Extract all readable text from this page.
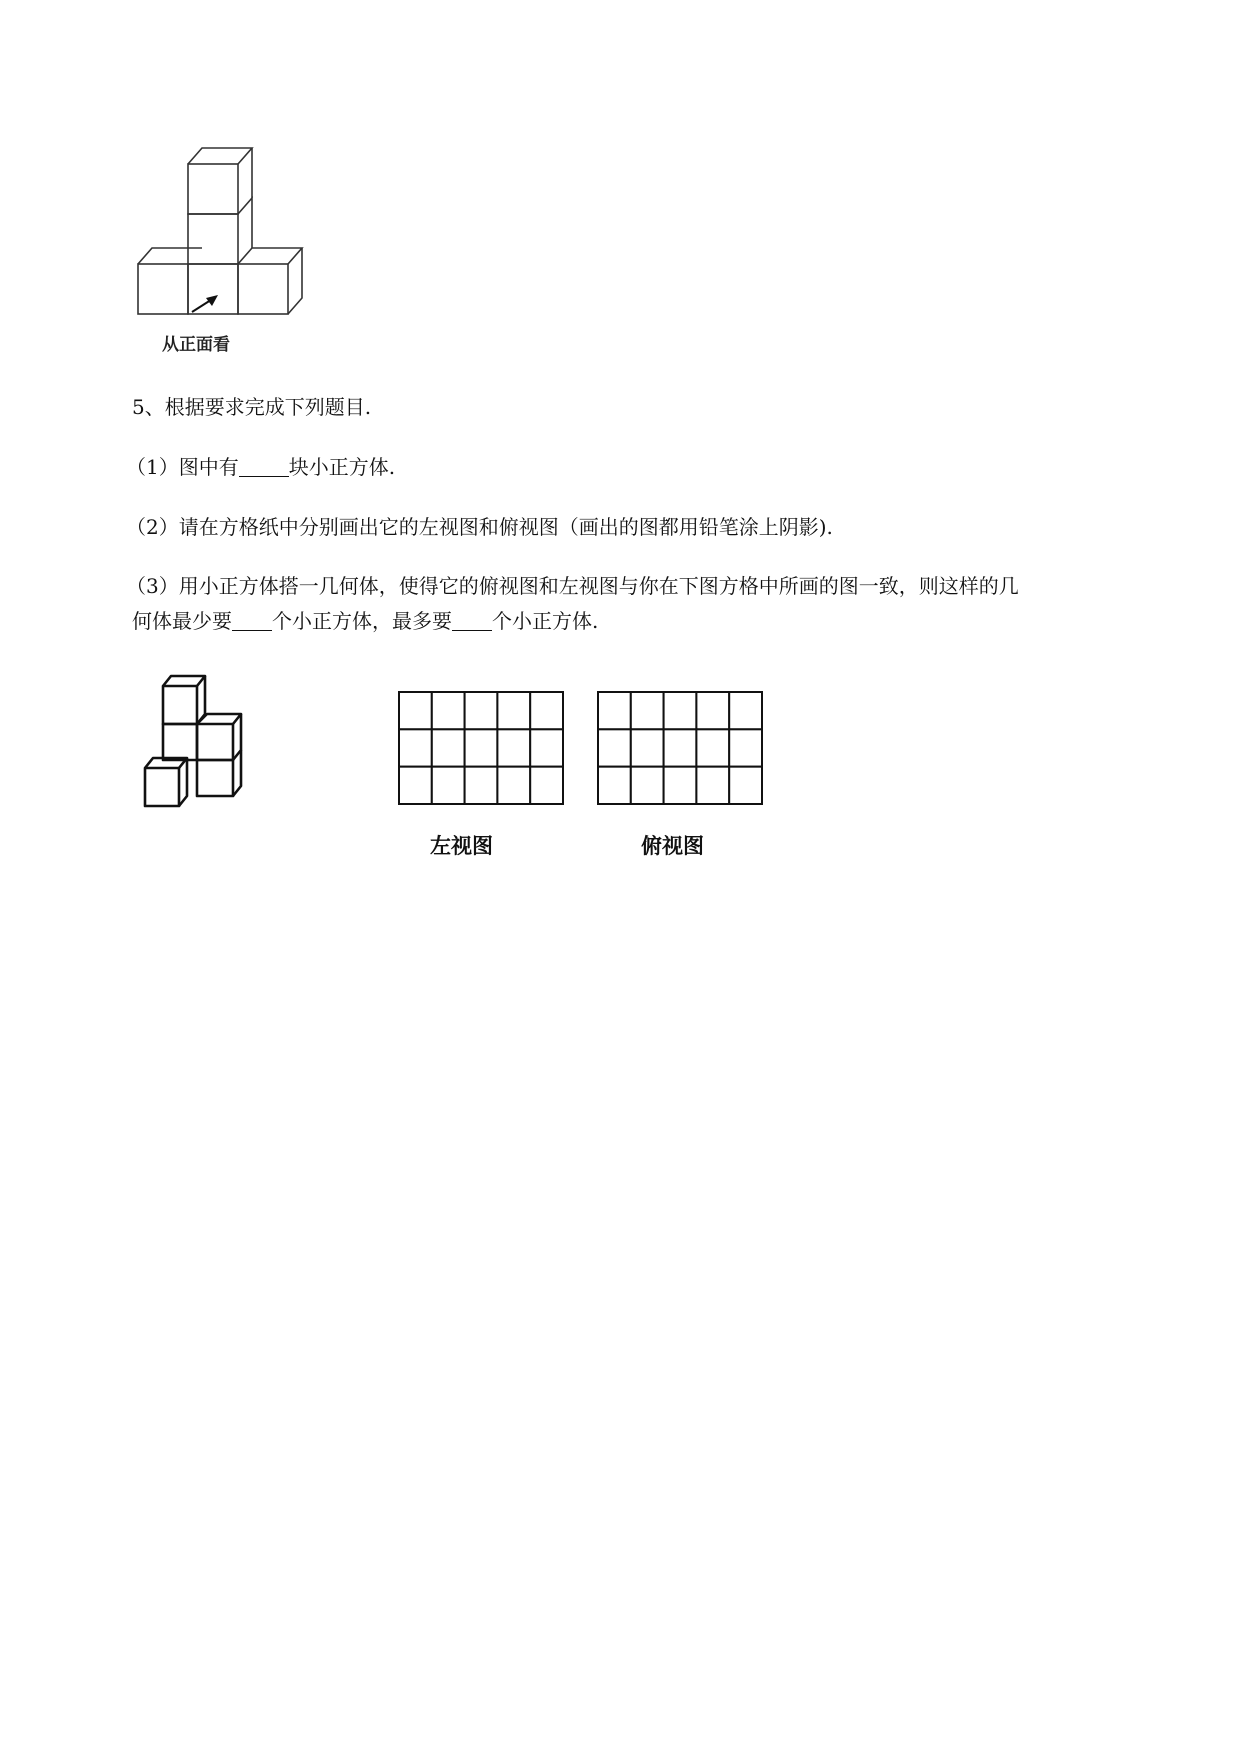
从正面看
5、根据要求完成下列题目.
（1）图中有	块小正方体.
（2）请在方格纸中分别画出它的左视图和俯视图（画出的图都用铅笔涂上阴影).
（3）用小正方体搭一几何体，使得它的俯视图和左视图与你在下图方格中所画的图一致，则这样的几
何体最少要 个小正方体，最多要 个小正方体.
左视图	俯视图
